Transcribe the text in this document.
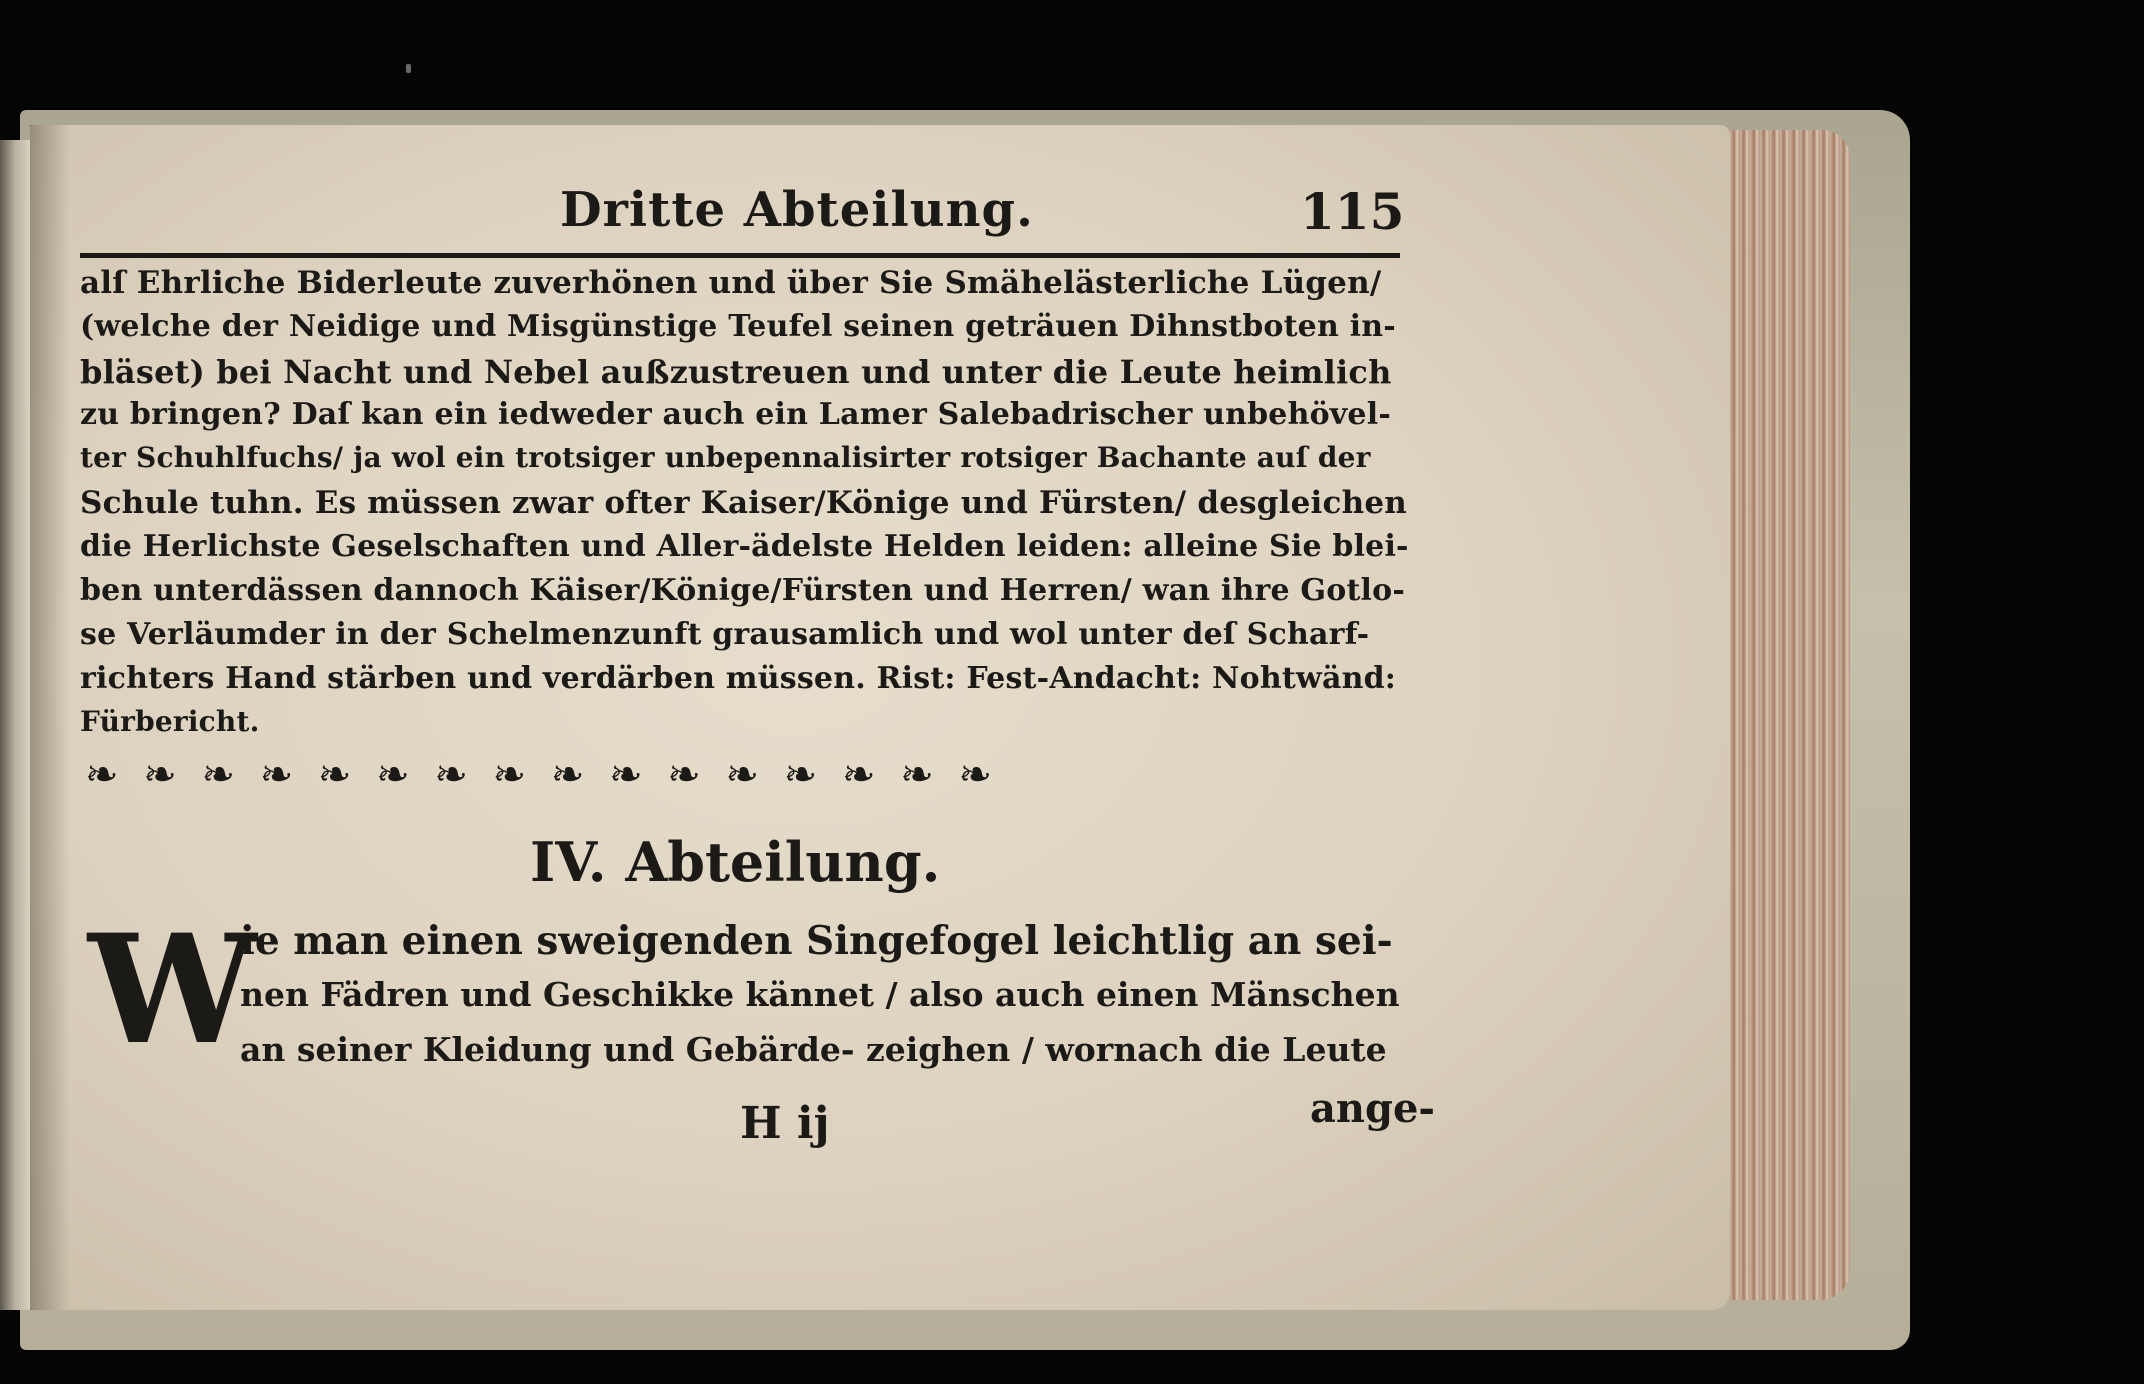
Dritte Abteilung.	115
alſ Ehrliche Biderleute zuverhönen und über Sie Smähelästerliche Lügen/
(welche der Neidige und Misgünstige Teufel seinen geträuen Dihnstboten in-
bläset) bei Nacht und Nebel außzustreuen und unter die Leute heimlich
zu bringen? Daſ kan ein iedweder auch ein Lamer Salebadrischer unbehövel-
ter Schuhlfuchs/ ja wol ein trotsiger unbepennalisirter rotsiger Bachante auſ der
Schule tuhn. Es müssen zwar ofter Kaiser/Könige und Fürsten/ desgleichen
die Herlichste Geselschaften und Aller-ädelste Helden leiden: alleine Sie blei-
ben unterdässen dannoch Käiser/Könige/Fürsten und Herren/ wan ihre Gotlo-
se Verläumder in der Schelmenzunft grausamlich und wol unter deſ Scharf-
richters Hand stärben und verdärben müssen. Rist: Fest-Andacht: Nohtwänd:
Fürbericht.
❧ ❧ ❧ ❧ ❧ ❧ ❧ ❧ ❧ ❧ ❧ ❧ ❧ ❧ ❧ ❧
IV. Abteilung.
W
ie man einen sweigenden Singefogel leichtlig an sei-
nen Fädren und Geschikke kännet / also auch einen Mänschen
an seiner Kleidung und Gebärde- zeighen / wornach die Leute
H ij	ange-
